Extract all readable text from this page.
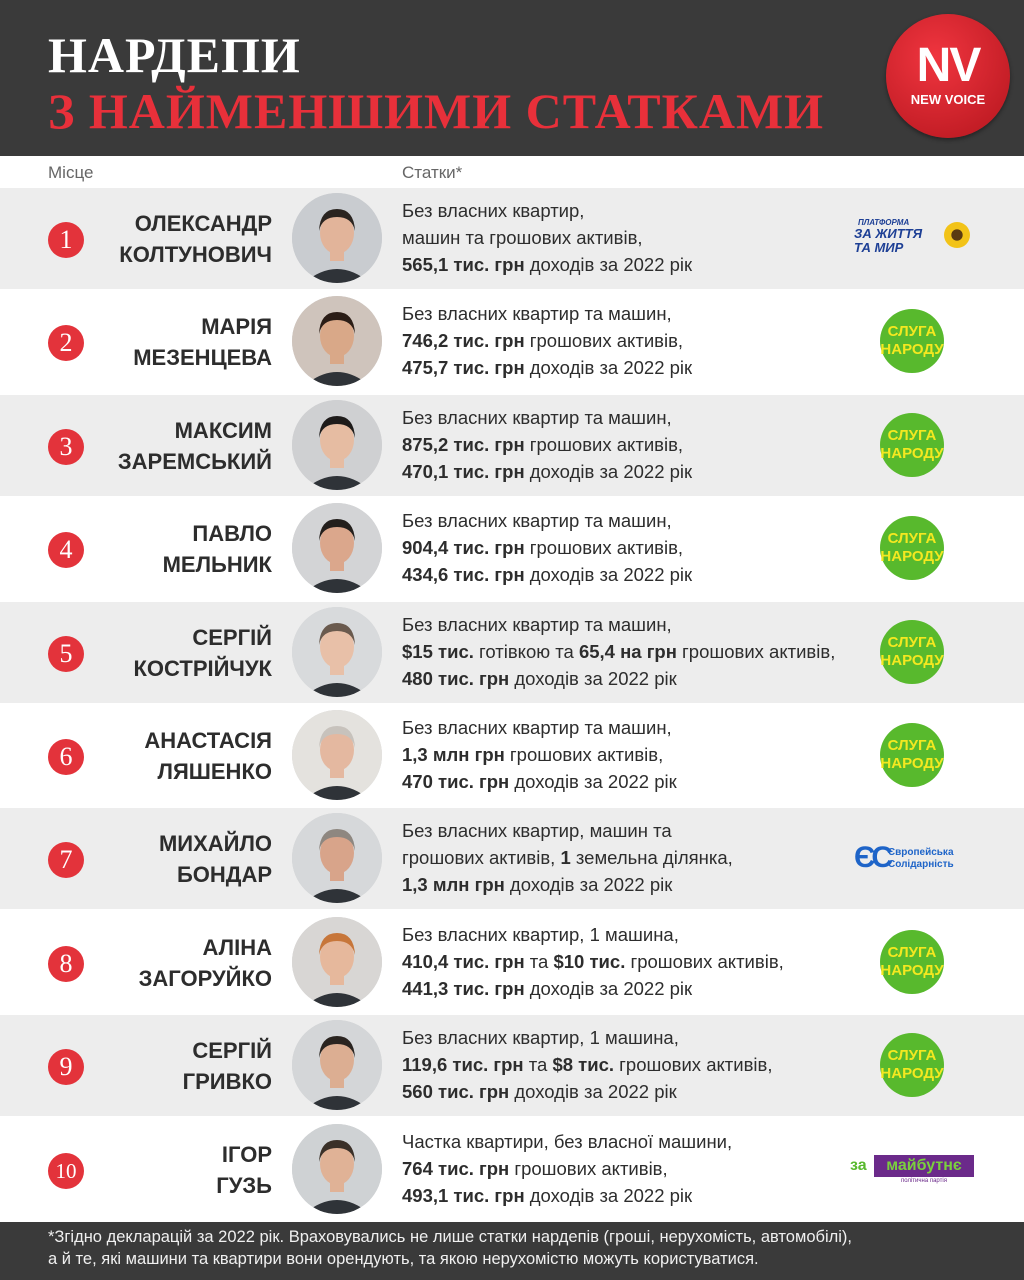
НАРДЕПИ
З НАЙМЕНШИМИ СТАТКАМИ
NV
NEW VOICE
Місце	Статки*
1
ОЛЕКСАНДР
КОЛТУНОВИЧ
Без власних квартир,
машин та грошових активів,
565,1 тис. грн доходів за 2022 рік
ПЛАТФОРМА
ЗА ЖИТТЯ
ТА МИР
2
МАРІЯ
МЕЗЕНЦЕВА
Без власних квартир та машин,
746,2 тис. грн грошових активів,
475,7 тис. грн доходів за 2022 рік
СЛУГА
НАРОДУ
3
МАКСИМ
ЗАРЕМСЬКИЙ
Без власних квартир та машин,
875,2 тис. грн грошових активів,
470,1 тис. грн доходів за 2022 рік
СЛУГА
НАРОДУ
4
ПАВЛО
МЕЛЬНИК
Без власних квартир та машин,
904,4 тис. грн грошових активів,
434,6 тис. грн доходів за 2022 рік
СЛУГА
НАРОДУ
5
СЕРГІЙ
КОСТРІЙЧУК
Без власних квартир та машин,
$15 тис. готівкою та 65,4 на грн грошових активів,
480 тис. грн доходів за 2022 рік
СЛУГА
НАРОДУ
6
АНАСТАСІЯ
ЛЯШЕНКО
Без власних квартир та машин,
1,3 млн грн грошових активів,
470 тис. грн доходів за 2022 рік
СЛУГА
НАРОДУ
7
МИХАЙЛО
БОНДАР
Без власних квартир, машин та
грошових активів, 1 земельна ділянка,
1,3 млн грн доходів за 2022 рік
ЄС
Європейська
Солідарність
8
АЛІНА
ЗАГОРУЙКО
Без власних квартир, 1 машина,
410,4 тис. грн та $10 тис. грошових активів,
441,3 тис. грн доходів за 2022 рік
СЛУГА
НАРОДУ
9
СЕРГІЙ
ГРИВКО
Без власних квартир, 1 машина,
119,6 тис. грн та $8 тис. грошових активів,
560 тис. грн доходів за 2022 рік
СЛУГА
НАРОДУ
10
ІГОР
ГУЗЬ
Частка квартири, без власної машини,
764 тис. грн грошових активів,
493,1 тис. грн доходів за 2022 рік
за	майбутнє
політична партія
*Згідно декларацій за 2022 рік. Враховувались не лише статки нардепів (гроші, нерухомість, автомобілі),
а й те, які машини та квартири вони орендують, та якою нерухомістю можуть користуватися.
